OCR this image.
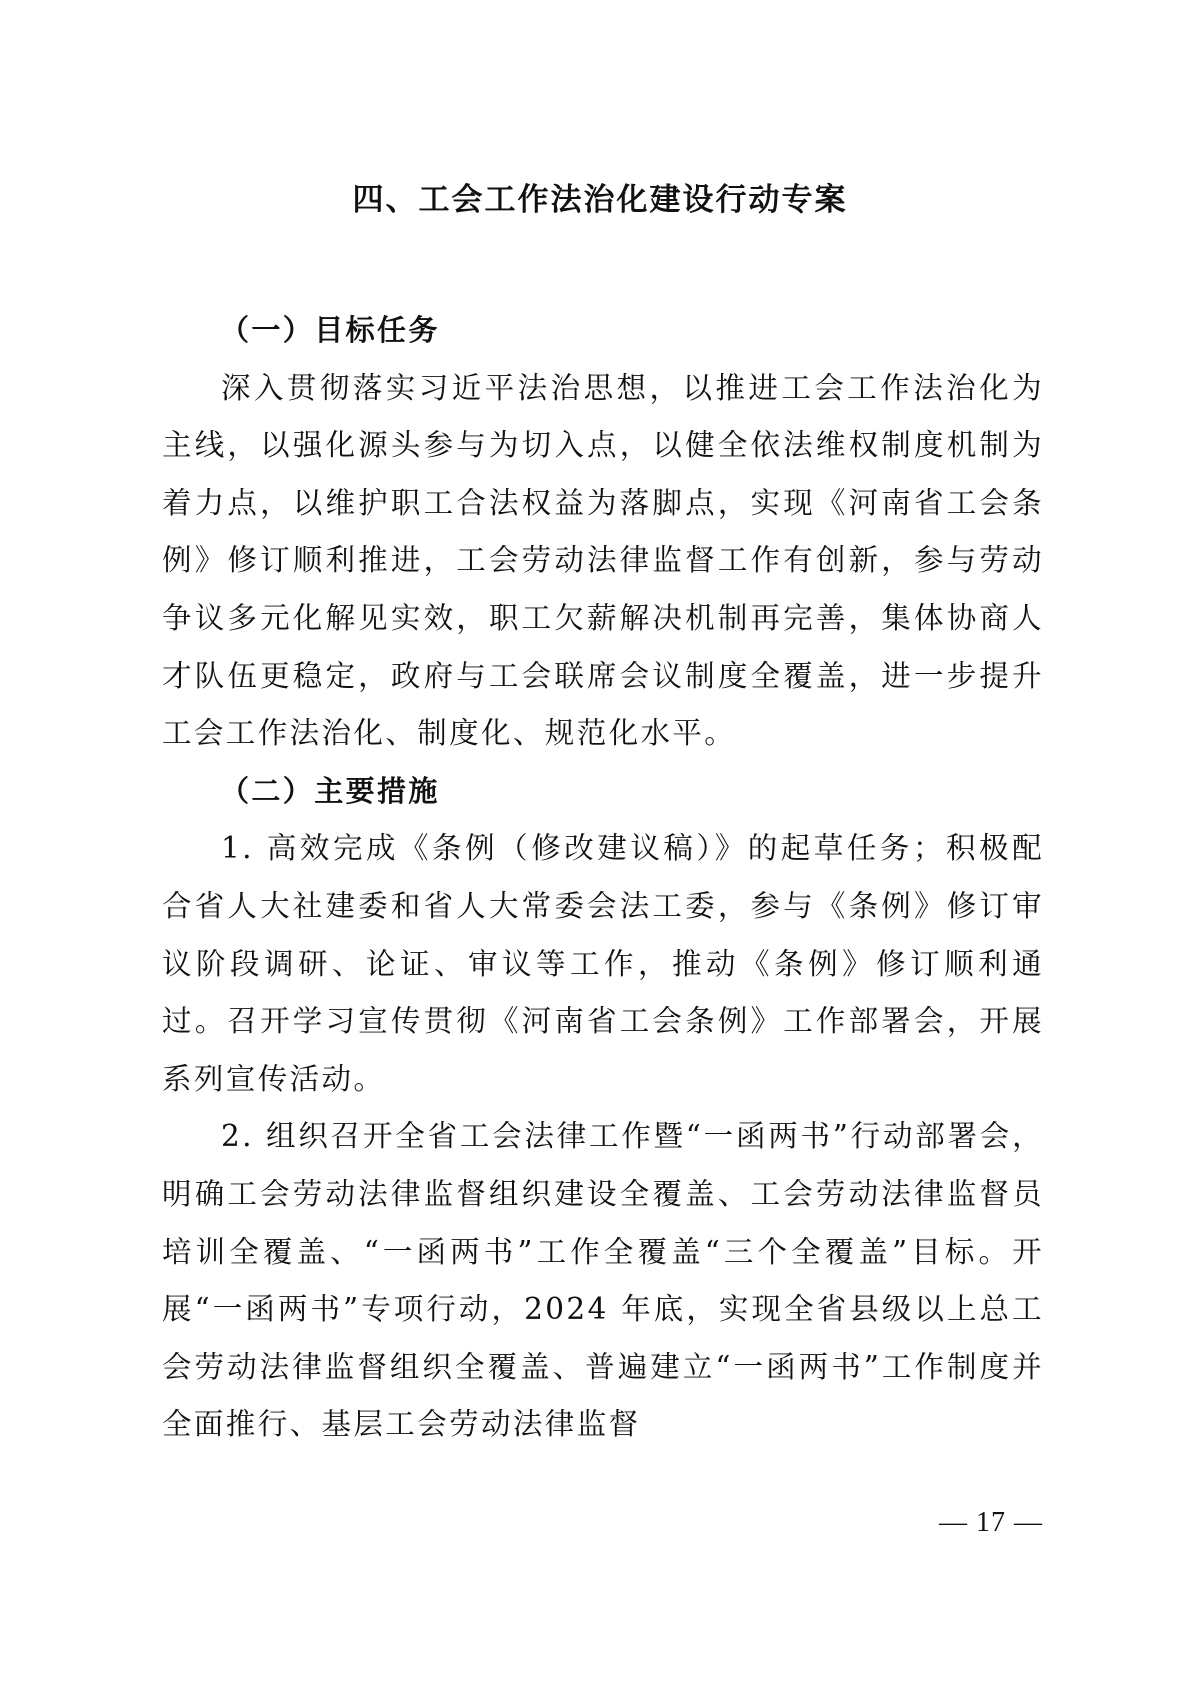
四、工会工作法治化建设行动专案

（一）目标任务

深入贯彻落实习近平法治思想，以推进工会工作法治化为主线，以强化源头参与为切入点，以健全依法维权制度机制为着力点，以维护职工合法权益为落脚点，实现《河南省工会条例》修订顺利推进，工会劳动法律监督工作有创新，参与劳动争议多元化解见实效，职工欠薪解决机制再完善，集体协商人才队伍更稳定，政府与工会联席会议制度全覆盖，进一步提升工会工作法治化、制度化、规范化水平。

（二）主要措施

1. 高效完成《条例（修改建议稿）》的起草任务；积极配合省人大社建委和省人大常委会法工委，参与《条例》修订审议阶段调研、论证、审议等工作，推动《条例》修订顺利通过。召开学习宣传贯彻《河南省工会条例》工作部署会，开展系列宣传活动。

2. 组织召开全省工会法律工作暨“一函两书”行动部署会，明确工会劳动法律监督组织建设全覆盖、工会劳动法律监督员培训全覆盖、“一函两书”工作全覆盖“三个全覆盖”目标。开展“一函两书”专项行动，2024 年底，实现全省县级以上总工会劳动法律监督组织全覆盖、普遍建立“一函两书”工作制度并全面推行、基层工会劳动法律监督

— 17 —
